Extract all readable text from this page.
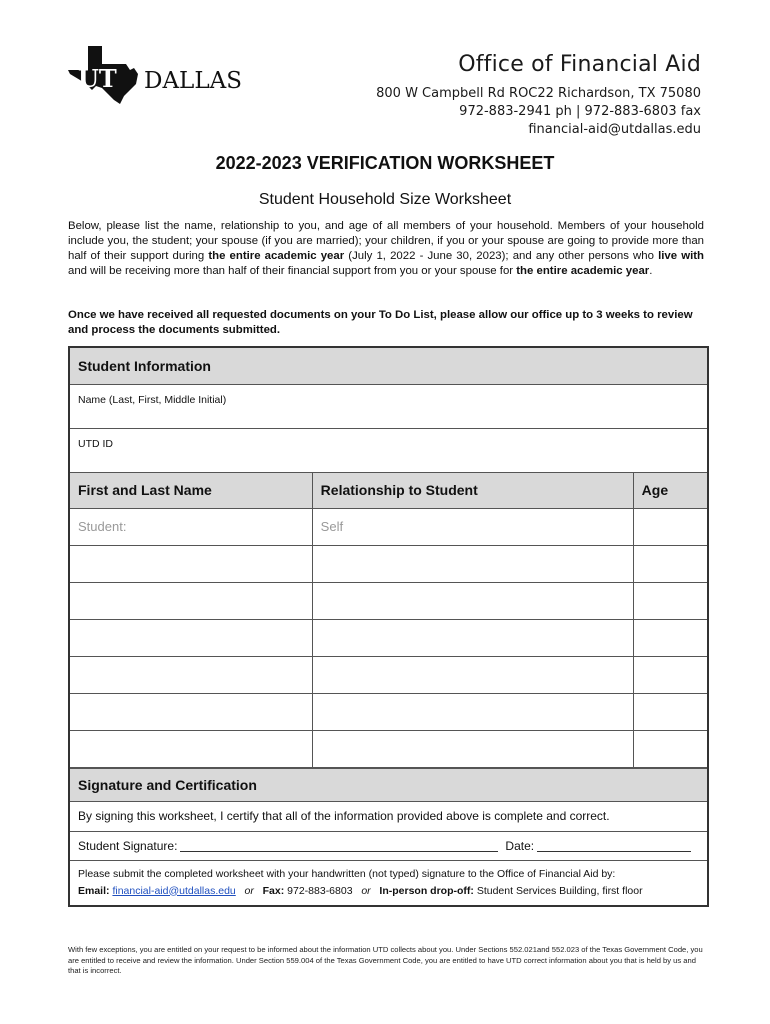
UT DALLAS
Office of Financial Aid
800 W Campbell Rd ROC22 Richardson, TX 75080
972-883-2941 ph | 972-883-6803 fax
financial-aid@utdallas.edu
2022-2023 VERIFICATION WORKSHEET
Student Household Size Worksheet
Below, please list the name, relationship to you, and age of all members of your household. Members of your household include you, the student; your spouse (if you are married); your children, if you or your spouse are going to provide more than half of their support during the entire academic year (July 1, 2022 - June 30, 2023); and any other persons who live with and will be receiving more than half of their financial support from you or your spouse for the entire academic year.
Once we have received all requested documents on your To Do List, please allow our office up to 3 weeks to review and process the documents submitted.
Student Information
Name (Last, First, Middle Initial)
UTD ID
First and Last Name	Relationship to Student	Age
Student:	Self	

Signature and Certification
By signing this worksheet, I certify that all of the information provided above is complete and correct.
Student Signature:	Date:
Please submit the completed worksheet with your handwritten (not typed) signature to the Office of Financial Aid by:
Email: financial-aid@utdallas.edu or Fax: 972-883-6803 or In-person drop-off: Student Services Building, first floor
With few exceptions, you are entitled on your request to be informed about the information UTD collects about you. Under Sections 552.021and 552.023 of the Texas Government Code, you are entitled to receive and review the information. Under Section 559.004 of the Texas Government Code, you are entitled to have UTD correct information about you that is held by us and that is incorrect.
